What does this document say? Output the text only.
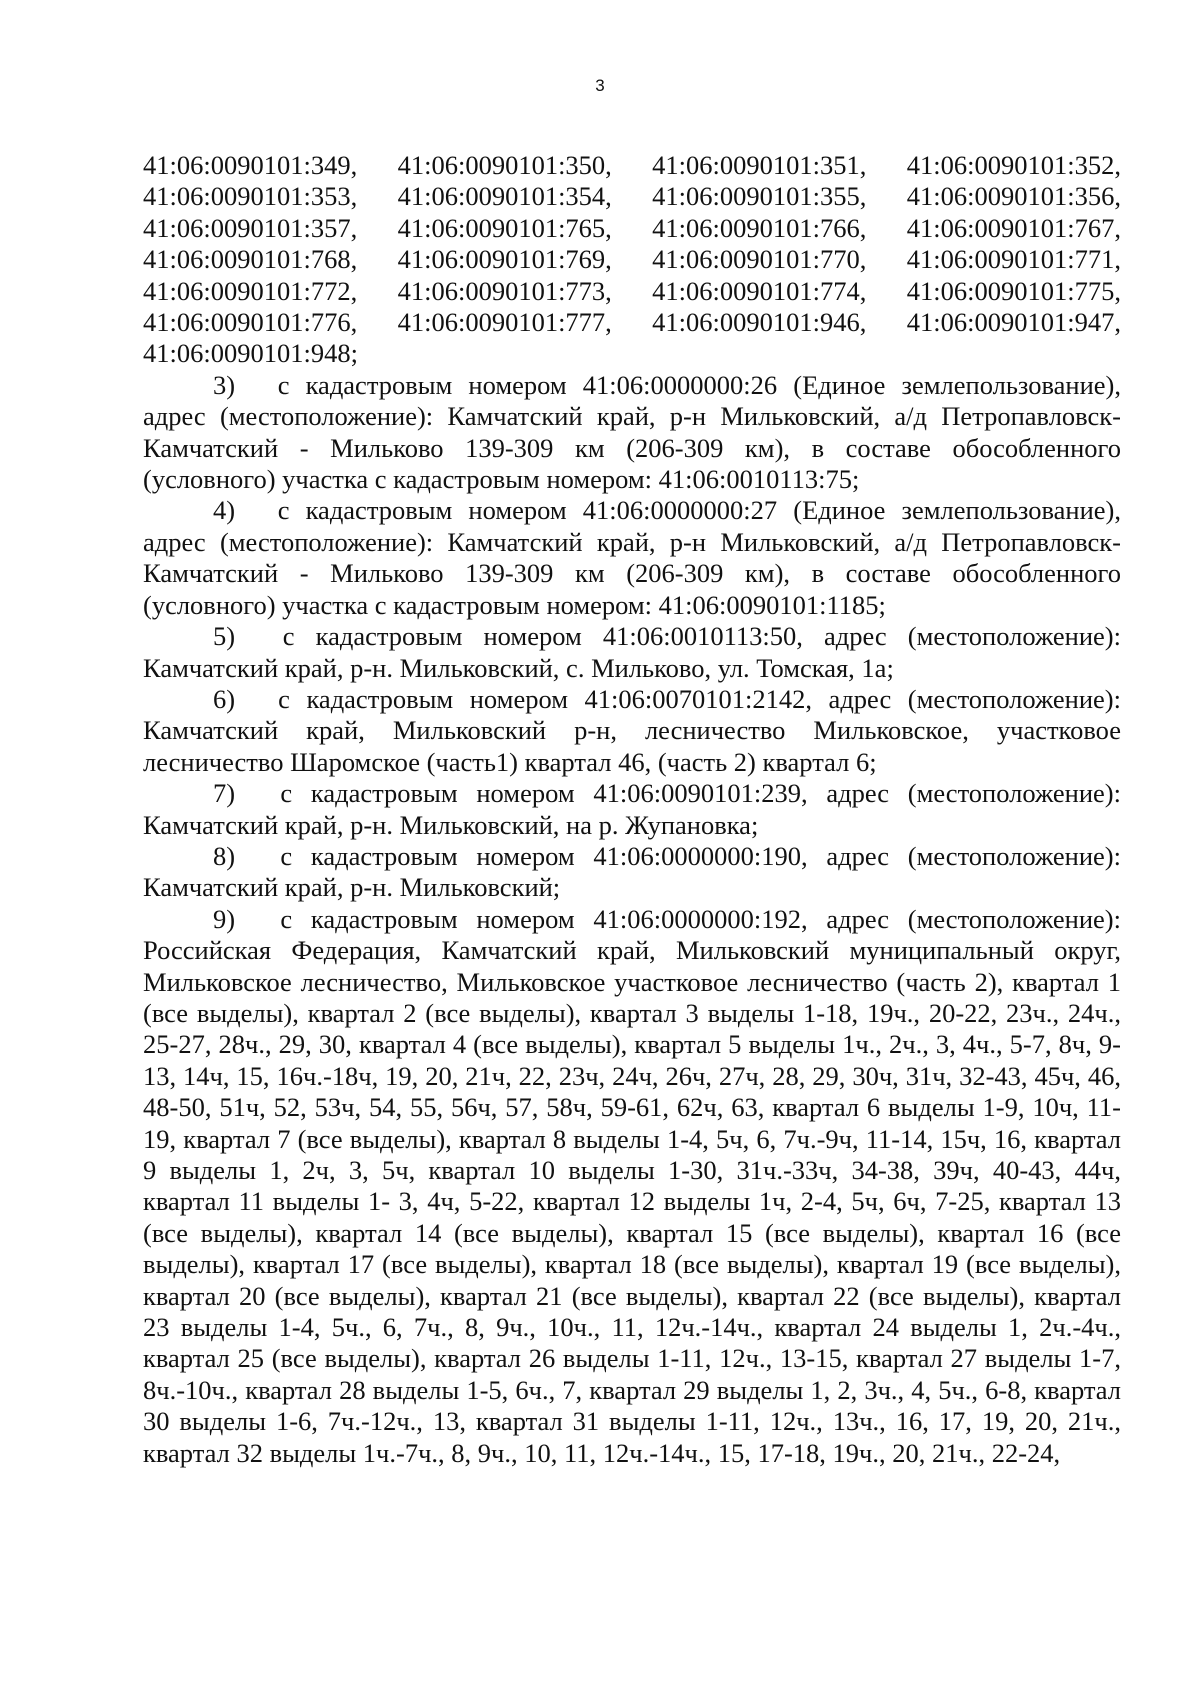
3

41:06:0090101:349, 41:06:0090101:350, 41:06:0090101:351, 41:06:0090101:352, 41:06:0090101:353, 41:06:0090101:354, 41:06:0090101:355, 41:06:0090101:356, 41:06:0090101:357, 41:06:0090101:765, 41:06:0090101:766, 41:06:0090101:767, 41:06:0090101:768, 41:06:0090101:769, 41:06:0090101:770, 41:06:0090101:771, 41:06:0090101:772, 41:06:0090101:773, 41:06:0090101:774, 41:06:0090101:775, 41:06:0090101:776, 41:06:0090101:777, 41:06:0090101:946, 41:06:0090101:947, 41:06:0090101:948;

3)  с кадастровым номером 41:06:0000000:26 (Единое землепользование), адрес (местоположение): Камчатский край, р-н Мильковский, а/д Петропавловск-Камчатский - Мильково 139-309 км (206-309 км), в составе обособленного (условного) участка с кадастровым номером: 41:06:0010113:75;

4)  с кадастровым номером 41:06:0000000:27 (Единое землепользование), адрес (местоположение): Камчатский край, р-н Мильковский, а/д Петропавловск-Камчатский - Мильково 139-309 км (206-309 км), в составе обособленного (условного) участка с кадастровым номером: 41:06:0090101:1185;

5)  с кадастровым номером 41:06:0010113:50, адрес (местоположение): Камчатский край, р-н. Мильковский, с. Мильково, ул. Томская, 1а;

6)  с кадастровым номером 41:06:0070101:2142, адрес (местоположение): Камчатский край, Мильковский р-н, лесничество Мильковское, участковое лесничество Шаромское (часть1) квартал 46, (часть 2) квартал 6;

7)  с кадастровым номером 41:06:0090101:239, адрес (местоположение): Камчатский край, р-н. Мильковский, на р. Жупановка;

8)  с кадастровым номером 41:06:0000000:190, адрес (местоположение): Камчатский край, р-н. Мильковский;

9)  с кадастровым номером 41:06:0000000:192, адрес (местоположение): Российская Федерация, Камчатский край, Мильковский муниципальный округ, Мильковское лесничество, Мильковское участковое лесничество (часть 2), квартал 1 (все выделы), квартал 2 (все выделы), квартал 3 выделы 1-18, 19ч., 20-22, 23ч., 24ч., 25-27, 28ч., 29, 30, квартал 4 (все выделы), квартал 5 выделы 1ч., 2ч., 3, 4ч., 5-7, 8ч, 9-13, 14ч, 15, 16ч.-18ч, 19, 20, 21ч, 22, 23ч, 24ч, 26ч, 27ч, 28, 29, 30ч, 31ч, 32-43, 45ч, 46, 48-50, 51ч, 52, 53ч, 54, 55, 56ч, 57, 58ч, 59-61, 62ч, 63, квартал 6 выделы 1-9, 10ч, 11-19, квартал 7 (все выделы), квартал 8 выделы 1-4, 5ч, 6, 7ч.-9ч, 11-14, 15ч, 16, квартал 9 выделы 1, 2ч, 3, 5ч, квартал 10 выделы 1-30, 31ч.-33ч, 34-38, 39ч, 40-43, 44ч, квартал 11 выделы 1- 3, 4ч, 5-22, квартал 12 выделы 1ч, 2-4, 5ч, 6ч, 7-25, квартал 13 (все выделы), квартал 14 (все выделы), квартал 15 (все выделы), квартал 16 (все выделы), квартал 17 (все выделы), квартал 18 (все выделы), квартал 19 (все выделы), квартал 20 (все выделы), квартал 21 (все выделы), квартал 22 (все выделы), квартал 23 выделы 1-4, 5ч., 6, 7ч., 8, 9ч., 10ч., 11, 12ч.-14ч., квартал 24 выделы 1, 2ч.-4ч., квартал 25 (все выделы), квартал 26 выделы 1-11, 12ч., 13-15, квартал 27 выделы 1-7, 8ч.-10ч., квартал 28 выделы 1-5, 6ч., 7, квартал 29 выделы 1, 2, 3ч., 4, 5ч., 6-8, квартал 30 выделы 1-6, 7ч.-12ч., 13, квартал 31 выделы 1-11, 12ч., 13ч., 16, 17, 19, 20, 21ч., квартал 32 выделы 1ч.-7ч., 8, 9ч., 10, 11, 12ч.-14ч., 15, 17-18, 19ч., 20, 21ч., 22-24,
